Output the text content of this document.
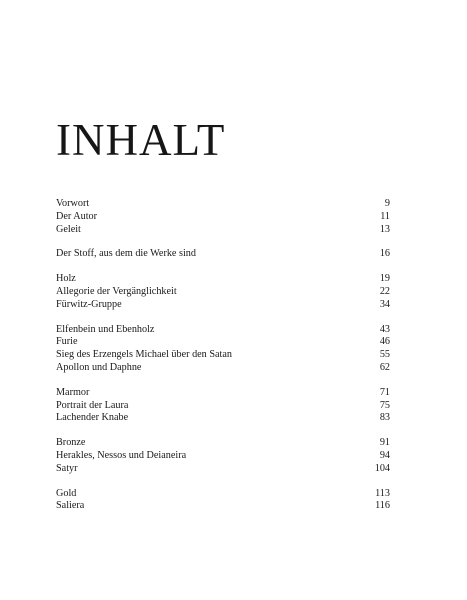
INHALT
Vorwort	9
Der Autor	11
Geleit	13
Der Stoff, aus dem die Werke sind	16
Holz	19
Allegorie der Vergänglichkeit	22
Fürwitz-Gruppe	34
Elfenbein und Ebenholz	43
Furie	46
Sieg des Erzengels Michael über den Satan	55
Apollon und Daphne	62
Marmor	71
Portrait der Laura	75
Lachender Knabe	83
Bronze	91
Herakles, Nessos und Deianeira	94
Satyr	104
Gold	113
Saliera	116
